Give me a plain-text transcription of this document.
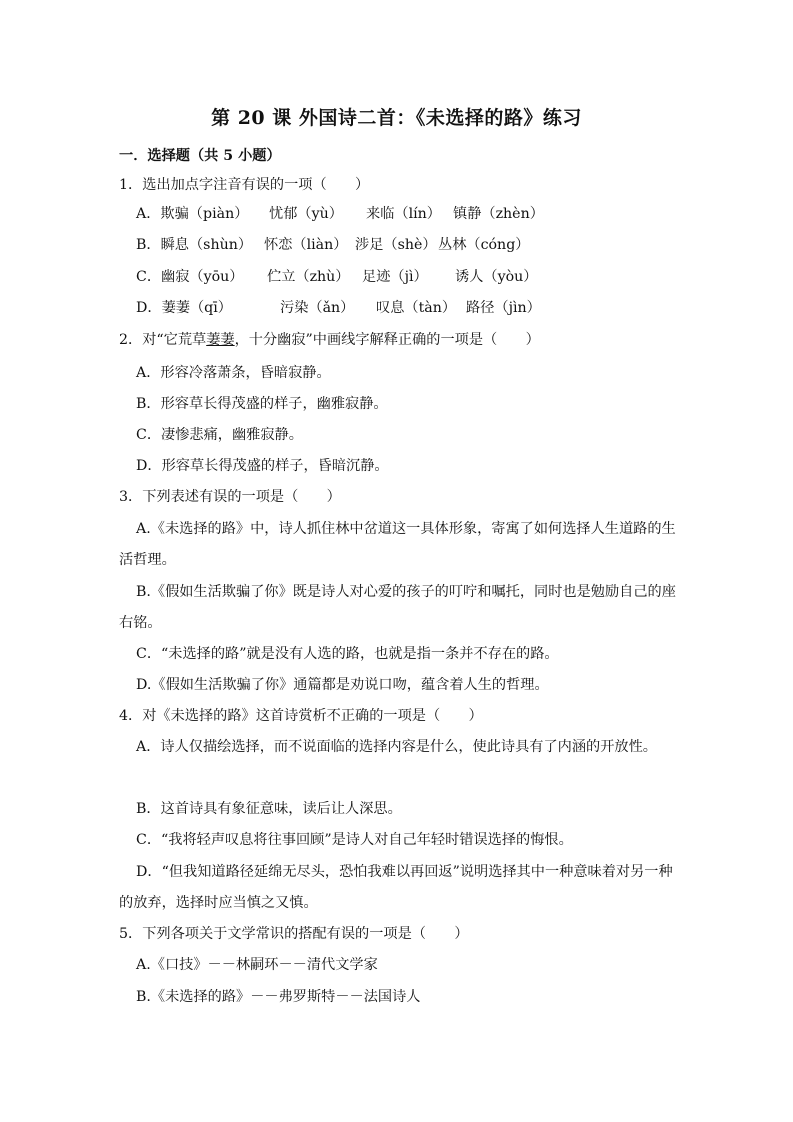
第 20 课 外国诗二首：《未选择的路》练习
一．选择题（共 5 小题）
1．选出加点字注音有误的一项（　　）
A．欺骗（piàn） 忧郁（yù） 来临（lín） 镇静（zhèn）
B．瞬息（shùn） 怀恋（liàn） 涉足（shè） 丛林（cóng）
C．幽寂（yōu） 伫立（zhù） 足迹（jì） 诱人（yòu）
D．萋萋（qī）	污染（ǎn） 叹息（tàn） 路径（jìn）
2．对“它荒草萋萋，十分幽寂”中画线字解释正确的一项是（　　）
A．形容冷落萧条，昏暗寂静。
B．形容草长得茂盛的样子，幽雅寂静。
C．凄惨悲痛，幽雅寂静。
D．形容草长得茂盛的样子，昏暗沉静。
3．下列表述有误的一项是（　　）
A.《未选择的路》中，诗人抓住林中岔道这一具体形象，寄寓了如何选择人生道路的生
活哲理。
B.《假如生活欺骗了你》既是诗人对心爱的孩子的叮咛和嘱托，同时也是勉励自己的座
右铭。
C．“未选择的路”就是没有人选的路，也就是指一条并不存在的路。
D.《假如生活欺骗了你》通篇都是劝说口吻，蕴含着人生的哲理。
4．对《未选择的路》这首诗赏析不正确的一项是（　　）
A．诗人仅描绘选择，而不说面临的选择内容是什么，使此诗具有了内涵的开放性。
B．这首诗具有象征意味，读后让人深思。
C．“我将轻声叹息将往事回顾”是诗人对自己年轻时错误选择的悔恨。
D．“但我知道路径延绵无尽头，恐怕我难以再回返”说明选择其中一种意味着对另一种
的放弃，选择时应当慎之又慎。
5．下列各项关于文学常识的搭配有误的一项是（　　）
A.《口技》－－林嗣环－－清代文学家
B.《未选择的路》－－弗罗斯特－－法国诗人
